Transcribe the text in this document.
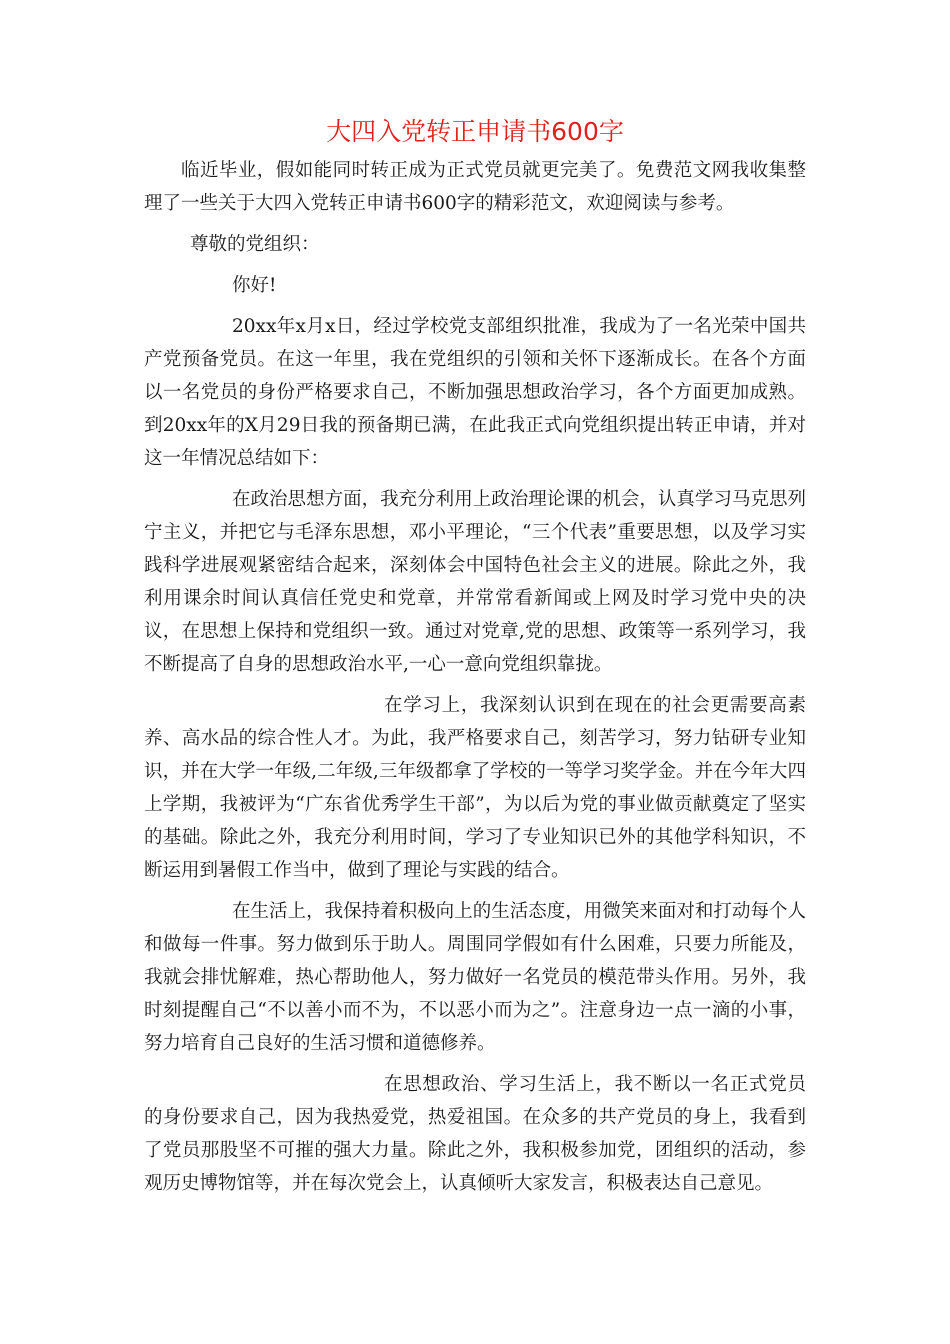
大四入党转正申请书600字

临近毕业，假如能同时转正成为正式党员就更完美了。免费范文网我收集整理了一些关于大四入党转正申请书600字的精彩范文，欢迎阅读与参考。

尊敬的党组织：

你好!

20xx年x月x日，经过学校党支部组织批准，我成为了一名光荣中国共产党预备党员。在这一年里，我在党组织的引领和关怀下逐渐成长。在各个方面以一名党员的身份严格要求自己，不断加强思想政治学习，各个方面更加成熟。到20xx年的X月29日我的预备期已满，在此我正式向党组织提出转正申请，并对这一年情况总结如下：

在政治思想方面，我充分利用上政治理论课的机会，认真学习马克思列宁主义，并把它与毛泽东思想，邓小平理论，“三个代表”重要思想，以及学习实践科学进展观紧密结合起来，深刻体会中国特色社会主义的进展。除此之外，我利用课余时间认真信任党史和党章，并常常看新闻或上网及时学习党中央的决议，在思想上保持和党组织一致。通过对党章,党的思想、政策等一系列学习，我不断提高了自身的思想政治水平,一心一意向党组织靠拢。

在学习上，我深刻认识到在现在的社会更需要高素养、高水品的综合性人才。为此，我严格要求自己，刻苦学习，努力钻研专业知识，并在大学一年级,二年级,三年级都拿了学校的一等学习奖学金。并在今年大四上学期，我被评为“广东省优秀学生干部”，为以后为党的事业做贡献奠定了坚实的基础。除此之外，我充分利用时间，学习了专业知识已外的其他学科知识，不断运用到暑假工作当中，做到了理论与实践的结合。

在生活上，我保持着积极向上的生活态度，用微笑来面对和打动每个人和做每一件事。努力做到乐于助人。周围同学假如有什么困难，只要力所能及，我就会排忧解难，热心帮助他人，努力做好一名党员的模范带头作用。另外，我时刻提醒自己“不以善小而不为，不以恶小而为之”。注意身边一点一滴的小事，努力培育自己良好的生活习惯和道德修养。

在思想政治、学习生活上，我不断以一名正式党员的身份要求自己，因为我热爱党，热爱祖国。在众多的共产党员的身上，我看到了党员那股坚不可摧的强大力量。除此之外，我积极参加党，团组织的活动，参观历史博物馆等，并在每次党会上，认真倾听大家发言，积极表达自己意见。
